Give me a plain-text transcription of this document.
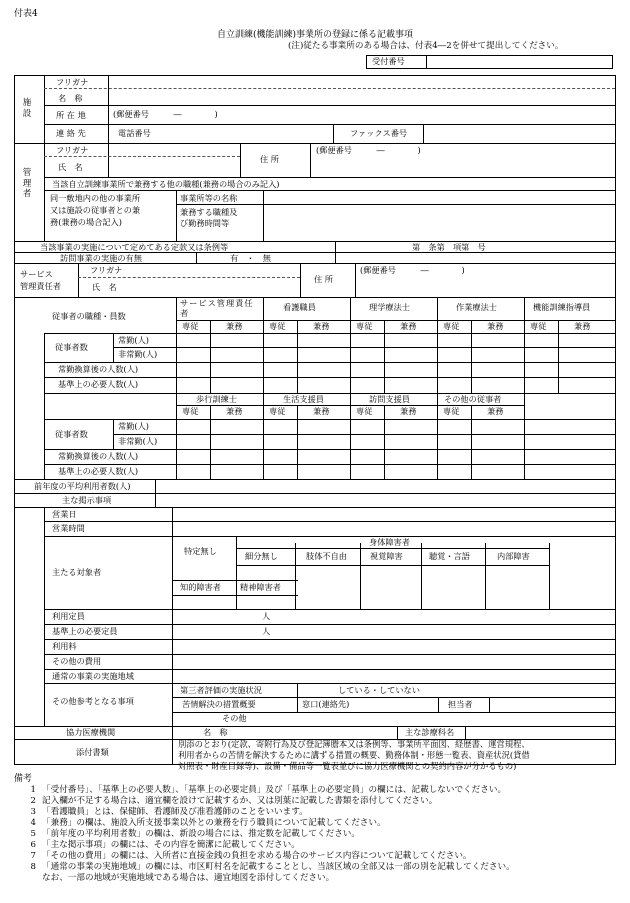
付表4
自立訓練(機能訓練)事業所の登録に係る記載事項
(注)従たる事業所のある場合は、付表4―2を併せて提出してください。
受付番号
施設
フリガナ
名　称
所 在 地	(郵便番号　　　―　　　　)
連 絡 先	電話番号	ファックス番号
管理者
フリガナ
氏　名
住 所
(郵便番号　　　―　　　　)
当該自立訓練事業所で兼務する他の職種(兼務の場合のみ記入)
同一敷地内の他の事業所
又は施設の従事者との兼
務(兼務の場合記入)
事業所等の名称
兼務する職種及
び勤務時間等
当該事業の実施について定めてある定款又は条例等	第　条第　項第　号
訪問事業の実施の有無	有　・　無
サービス
管理責任者
フリガナ
氏　名
住 所
(郵便番号　　　―　　　　)
従事者の職種・員数
サービス管理責任者
看護職員	理学療法士	作業療法士	機能訓練指導員
専従	兼務	専従	兼務	専従	兼務	専従	兼務	専従	兼務
従事者数
常勤(人)
非常勤(人)
常勤換算後の人数(人)
基準上の必要人数(人)
歩行訓練士	生活支援員	訪問支援員	その他の従事者
専従	兼務	専従	兼務	専従	兼務	専従	兼務
従事者数
常勤(人)
非常勤(人)
常勤換算後の人数(人)
基準上の必要人数(人)
前年度の平均利用者数(人)
主な掲示事項
営業日
営業時間
主たる対象者
特定無し
身体障害者
細分無し	肢体不自由	視覚障害	聴覚・言語	内部障害
知的障害者 精神障害者
利用定員	人
基準上の必要定員	人
利用料
その他の費用
通常の事業の実施地域
その他参考となる事項
第三者評価の実施状況	している・していない
苦情解決の措置概要	窓口(連絡先)	担当者
その他
協力医療機関	名　称	主な診療科名
添付書類
別添のとおり(定款、寄附行為及び登記簿謄本又は条例等、事業所平面図、経歴書、運営規程、
利用者からの苦情を解決するために講ずる措置の概要、勤務体制・形態一覧表、資産状況(貸借
対照表・財産目録等)、設備・備品等一覧表並びに協力医療機関との契約内容が分かるもの)
備考
1 「受付番号」、「基準上の必要人数」、「基準上の必要定員」及び「基準上の必要定員」の欄には、記載しないでください。
2 記入欄が不足する場合は、適宜欄を設けて記載するか、又は別葉に記載した書類を添付してください。
3 「看護職員」とは、保健師、看護師及び准看護師のことをいいます。
4 「兼務」の欄は、施設入所支援事業以外との兼務を行う職員について記載してください。
5 「前年度の平均利用者数」の欄は、新設の場合には、推定数を記載してください。
6 「主な掲示事項」の欄には、その内容を簡潔に記載してください。
7 「その他の費用」の欄には、入所者に直接金銭の負担を求める場合のサービス内容について記載してください。
8 「通常の事業の実施地域」の欄には、市区町村名を記載することとし、当該区域の全部又は一部の別を記載してください。
なお、一部の地域が実施地域である場合は、適宜地図を添付してください。
